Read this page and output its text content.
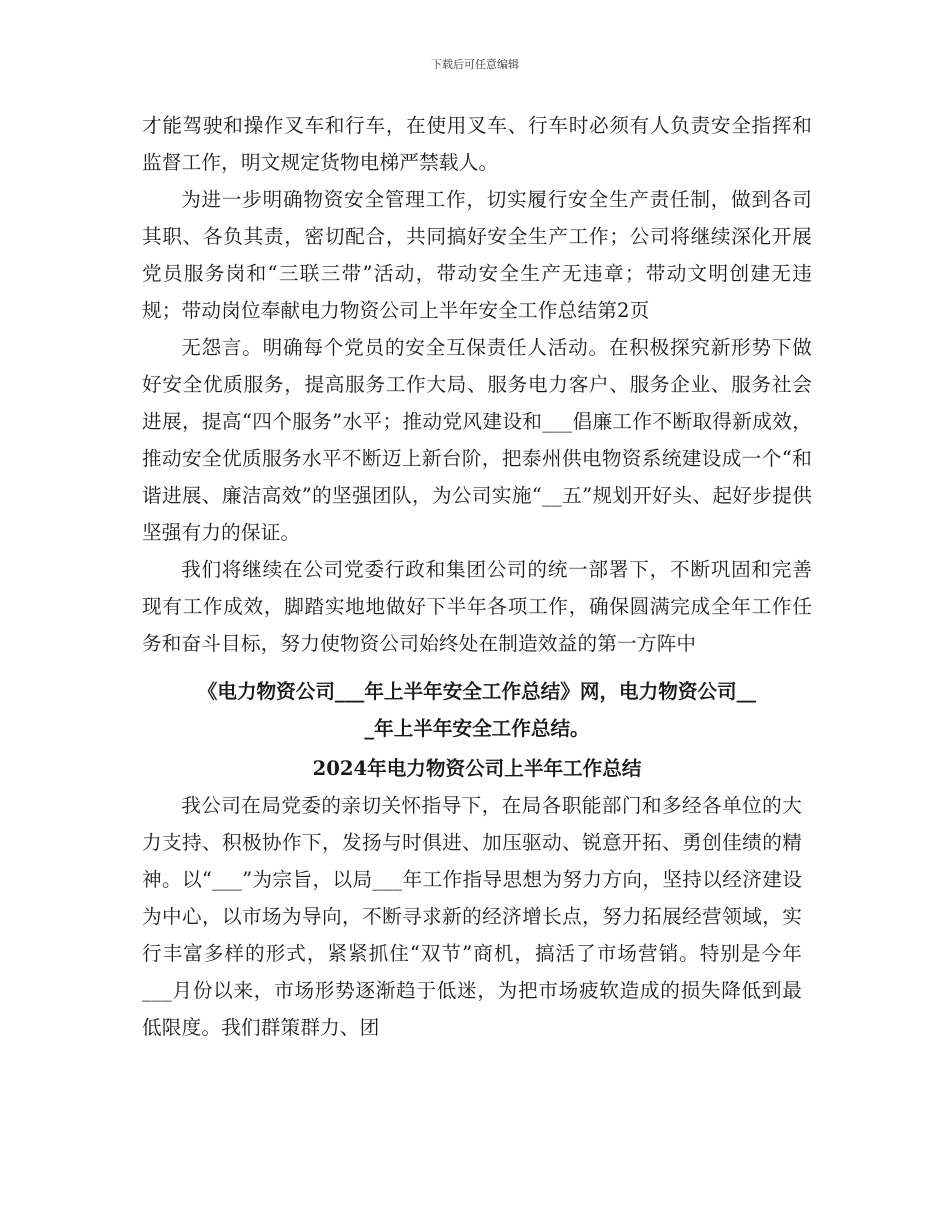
下载后可任意编辑

才能驾驶和操作叉车和行车，在使用叉车、行车时必须有人负责安全指挥和监督工作，明文规定货物电梯严禁载人。

为进一步明确物资安全管理工作，切实履行安全生产责任制，做到各司其职、各负其责，密切配合，共同搞好安全生产工作；公司将继续深化开展党员服务岗和“三联三带”活动，带动安全生产无违章；带动文明创建无违规；带动岗位奉献电力物资公司上半年安全工作总结第2页

无怨言。明确每个党员的安全互保责任人活动。在积极探究新形势下做好安全优质服务，提高服务工作大局、服务电力客户、服务企业、服务社会进展，提高“四个服务”水平；推动党风建设和___倡廉工作不断取得新成效，推动安全优质服务水平不断迈上新台阶，把泰州供电物资系统建设成一个“和谐进展、廉洁高效”的坚强团队，为公司实施“__五”规划开好头、起好步提供坚强有力的保证。

我们将继续在公司党委行政和集团公司的统一部署下，不断巩固和完善现有工作成效，脚踏实地地做好下半年各项工作，确保圆满完成全年工作任务和奋斗目标，努力使物资公司始终处在制造效益的第一方阵中

《电力物资公司___年上半年安全工作总结》网，电力物资公司__
_年上半年安全工作总结。
2024年电力物资公司上半年工作总结

我公司在局党委的亲切关怀指导下，在局各职能部门和多经各单位的大力支持、积极协作下，发扬与时俱进、加压驱动、锐意开拓、勇创佳绩的精神。以“___”为宗旨，以局___年工作指导思想为努力方向，坚持以经济建设为中心，以市场为导向，不断寻求新的经济增长点，努力拓展经营领域，实行丰富多样的形式，紧紧抓住“双节”商机，搞活了市场营销。特别是今年___月份以来，市场形势逐渐趋于低迷，为把市场疲软造成的损失降低到最低限度。我们群策群力、团
